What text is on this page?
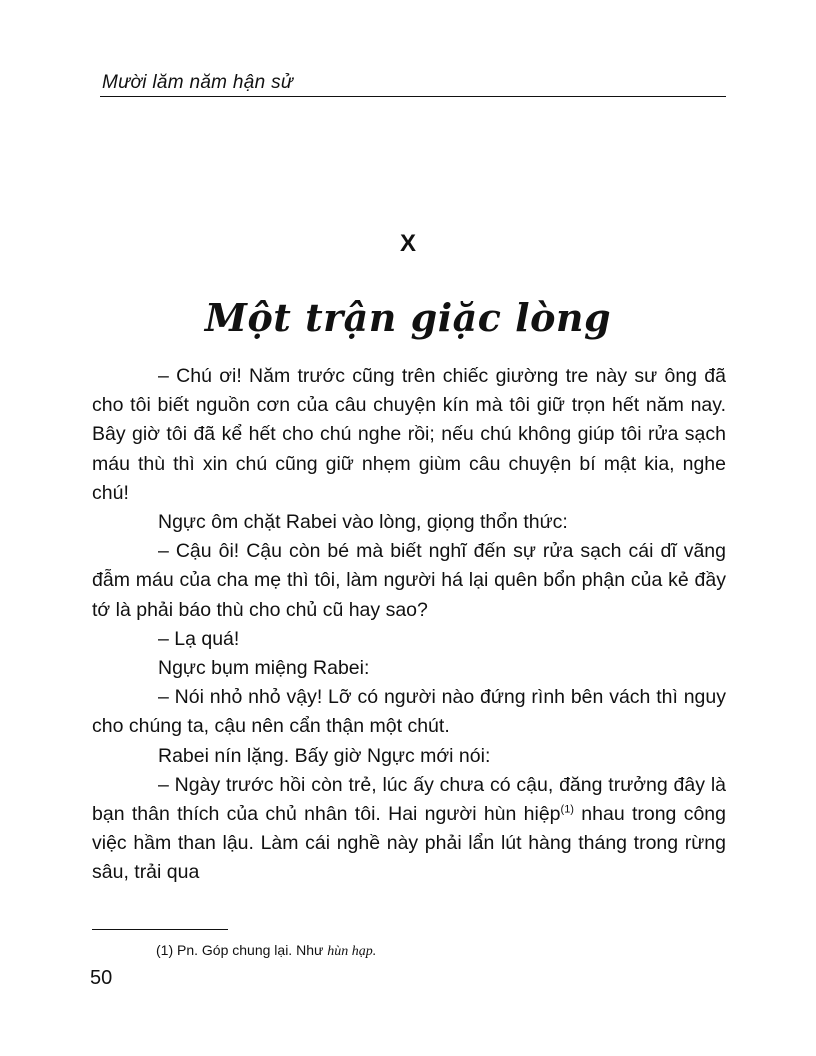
Mười lăm năm hận sử
X
Một trận giặc lòng

– Chú ơi! Năm trước cũng trên chiếc giường tre này sư ông đã cho tôi biết nguồn cơn của câu chuyện kín mà tôi giữ trọn hết năm nay. Bây giờ tôi đã kể hết cho chú nghe rồi; nếu chú không giúp tôi rửa sạch máu thù thì xin chú cũng giữ nhẹm giùm câu chuyện bí mật kia, nghe chú!

Ngực ôm chặt Rabei vào lòng, giọng thổn thức:

– Cậu ôi! Cậu còn bé mà biết nghĩ đến sự rửa sạch cái dĩ vãng đẫm máu của cha mẹ thì tôi, làm người há lại quên bổn phận của kẻ đầy tớ là phải báo thù cho chủ cũ hay sao?

– Lạ quá!

Ngực bụm miệng Rabei:

– Nói nhỏ nhỏ vậy! Lỡ có người nào đứng rình bên vách thì nguy cho chúng ta, cậu nên cẩn thận một chút.

Rabei nín lặng. Bấy giờ Ngực mới nói:

– Ngày trước hồi còn trẻ, lúc ấy chưa có cậu, đăng trưởng đây là bạn thân thích của chủ nhân tôi. Hai người hùn hiệp$^{(1)}$ nhau trong công việc hầm than lậu. Làm cái nghề này phải lẩn lút hàng tháng trong rừng sâu, trải qua

(1) Pn. Góp chung lại. Như hùn hạp.
50
